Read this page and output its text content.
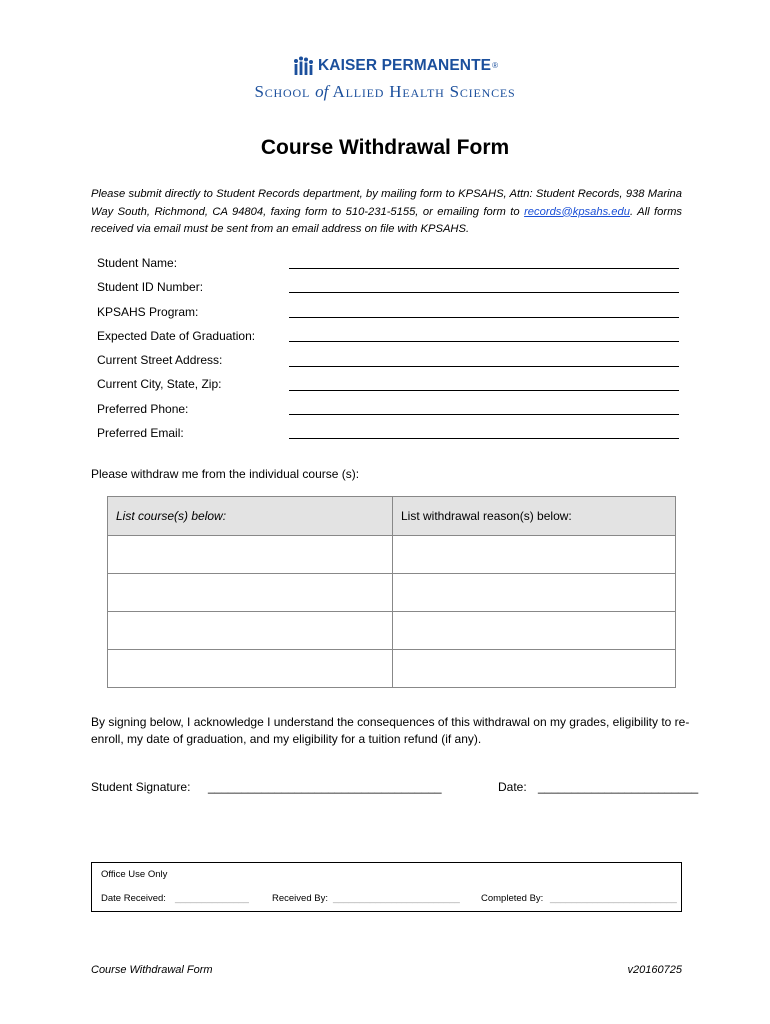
KAISER PERMANENTE ®
School of Allied Health Sciences
Course Withdrawal Form
Please submit directly to Student Records department, by mailing form to KPSAHS, Attn: Student Records, 938 Marina Way South, Richmond, CA 94804, faxing form to 510-231-5155, or emailing form to records@kpsahs.edu. All forms received via email must be sent from an email address on file with KPSAHS.
Student Name:
Student ID Number:
KPSAHS Program:
Expected Date of Graduation:
Current Street Address:
Current City, State, Zip:
Preferred Phone:
Preferred Email:
Please withdraw me from the individual course (s):
List course(s) below:	List withdrawal reason(s) below:

By signing below, I acknowledge I understand the consequences of this withdrawal on my grades, eligibility to re-enroll, my date of graduation, and my eligibility for a tuition refund (if any).
Student Signature: ___________________________________	Date: ________________________
Office Use Only
Date Received: ______________ Received By: ________________________ Completed By: ________________________
Course Withdrawal Form	v20160725
